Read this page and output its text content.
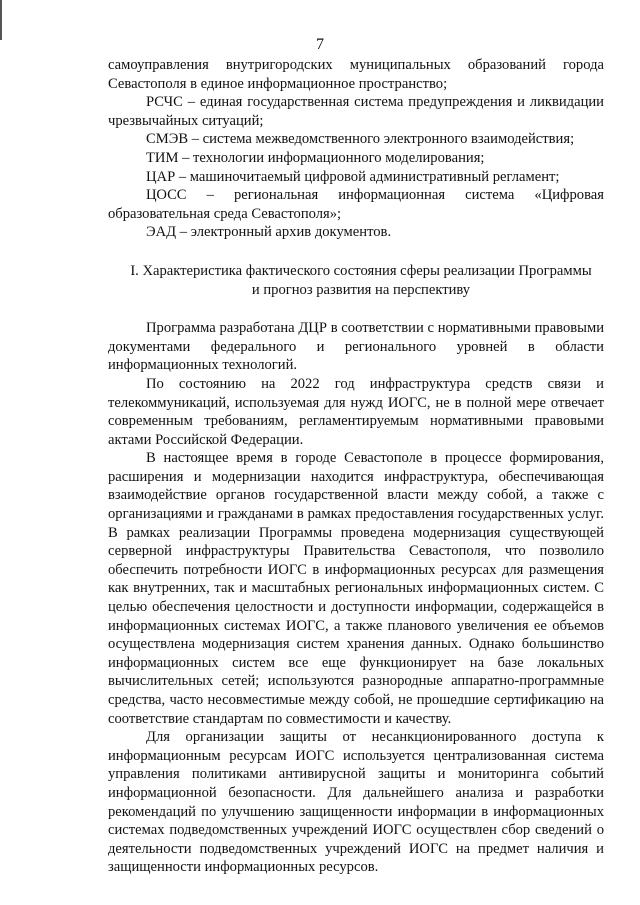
7

самоуправления внутригородских муниципальных образований города Севастополя в единое информационное пространство;

РСЧС – единая государственная система предупреждения и ликвидации чрезвычайных ситуаций;

СМЭВ – система межведомственного электронного взаимодействия;

ТИМ – технологии информационного моделирования;

ЦАР – машиночитаемый цифровой административный регламент;

ЦОСС – региональная информационная система «Цифровая образовательная среда Севастополя»;

ЭАД – электронный архив документов.

I. Характеристика фактического состояния сферы реализации Программы
и прогноз развития на перспективу

Программа разработана ДЦР в соответствии с нормативными правовыми документами федерального и регионального уровней в области информационных технологий.

По состоянию на 2022 год инфраструктура средств связи и телекоммуникаций, используемая для нужд ИОГС, не в полной мере отвечает современным требованиям, регламентируемым нормативными правовыми актами Российской Федерации.

В настоящее время в городе Севастополе в процессе формирования, расширения и модернизации находится инфраструктура, обеспечивающая взаимодействие органов государственной власти между собой, а также с организациями и гражданами в рамках предоставления государственных услуг. В рамках реализации Программы проведена модернизация существующей серверной инфраструктуры Правительства Севастополя, что позволило обеспечить потребности ИОГС в информационных ресурсах для размещения как внутренних, так и масштабных региональных информационных систем. С целью обеспечения целостности и доступности информации, содержащейся в информационных системах ИОГС, а также планового увеличения ее объемов осуществлена модернизация систем хранения данных. Однако большинство информационных систем все еще функционирует на базе локальных вычислительных сетей; используются разнородные аппаратно-программные средства, часто несовместимые между собой, не прошедшие сертификацию на соответствие стандартам по совместимости и качеству.

Для организации защиты от несанкционированного доступа к информационным ресурсам ИОГС используется централизованная система управления политиками антивирусной защиты и мониторинга событий информационной безопасности. Для дальнейшего анализа и разработки рекомендаций по улучшению защищенности информации в информационных системах подведомственных учреждений ИОГС осуществлен сбор сведений о деятельности подведомственных учреждений ИОГС на предмет наличия и защищенности информационных ресурсов.
